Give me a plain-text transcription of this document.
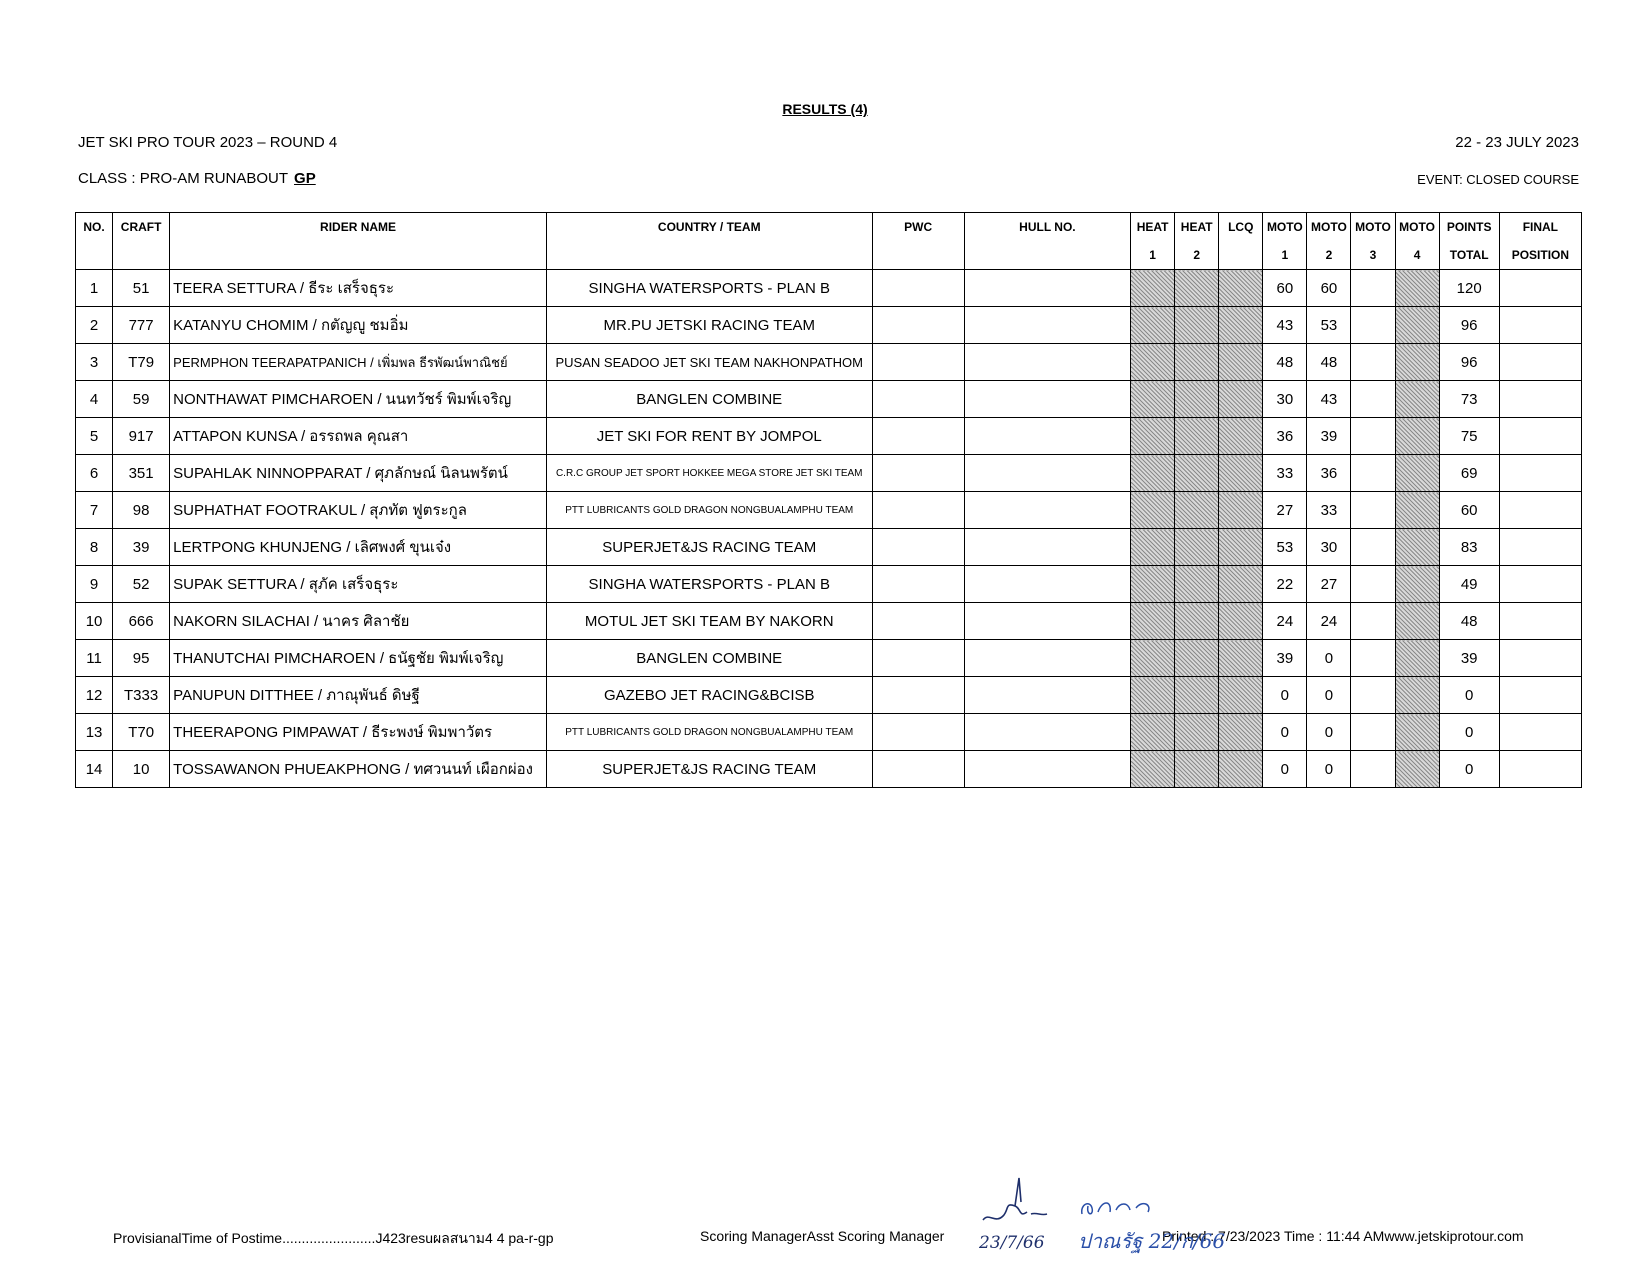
RESULTS (4)
JET SKI PRO TOUR 2023 – ROUND 4	22 - 23 JULY 2023
CLASS : PRO-AM RUNABOUT GP	EVENT: CLOSED COURSE
NO.	CRAFT	RIDER NAME	COUNTRY / TEAM	PWC	HULL NO.	HEAT	HEAT	LCQ	MOTO	MOTO	MOTO	MOTO	POINTS	FINAL
						1	2		1	2	3	4	TOTAL	POSITION
1	51	TEERA SETTURA / ธีระ เสร็จธุระ	SINGHA WATERSPORTS - PLAN B						60	60			120	
2	777	KATANYU CHOMIM / กตัญญู ชมอิ่ม	MR.PU JETSKI RACING TEAM						43	53			96	
3	T79	PERMPHON TEERAPATPANICH / เพิ่มพล ธีรพัฒน์พาณิชย์	PUSAN SEADOO JET SKI TEAM NAKHONPATHOM						48	48			96	
4	59	NONTHAWAT PIMCHAROEN / นนทวัชร์ พิมพ์เจริญ	BANGLEN COMBINE						30	43			73	
5	917	ATTAPON KUNSA / อรรถพล คุณสา	JET SKI FOR RENT BY JOMPOL						36	39			75	
6	351	SUPAHLAK NINNOPPARAT / ศุภลักษณ์ นิลนพรัตน์	C.R.C GROUP JET SPORT HOKKEE MEGA STORE JET SKI TEAM						33	36			69	
7	98	SUPHATHAT FOOTRAKUL / สุภทัต ฟูตระกูล	PTT LUBRICANTS GOLD DRAGON NONGBUALAMPHU TEAM						27	33			60	
8	39	LERTPONG KHUNJENG / เลิศพงศ์ ขุนเจ๋ง	SUPERJET&JS RACING TEAM						53	30			83	
9	52	SUPAK SETTURA / สุภัค เสร็จธุระ	SINGHA WATERSPORTS - PLAN B						22	27			49	
10	666	NAKORN SILACHAI / นาคร ศิลาชัย	MOTUL JET SKI TEAM BY NAKORN						24	24			48	
11	95	THANUTCHAI PIMCHAROEN / ธนัฐชัย พิมพ์เจริญ	BANGLEN COMBINE						39	0			39	
12	T333	PANUPUN DITTHEE / ภาณุพันธ์ ดิษฐี	GAZEBO JET RACING&BCISB						0	0			0	
13	T70	THEERAPONG PIMPAWAT / ธีระพงษ์ พิมพาวัตร	PTT LUBRICANTS GOLD DRAGON NONGBUALAMPHU TEAM						0	0			0	
14	10	TOSSAWANON PHUEAKPHONG / ทศวนนท์ เผือกผ่อง	SUPERJET&JS RACING TEAM						0	0			0	
ProvisianalTime of Postime........................J423resuผลสนาม4 4 pa-r-gp	Scoring ManagerAsst Scoring Manager	Printed : 7/23/2023 Time : 11:44 AMwww.jetskiprotour.com
23/7/66 ปาณรัฐ 22/ก/66
